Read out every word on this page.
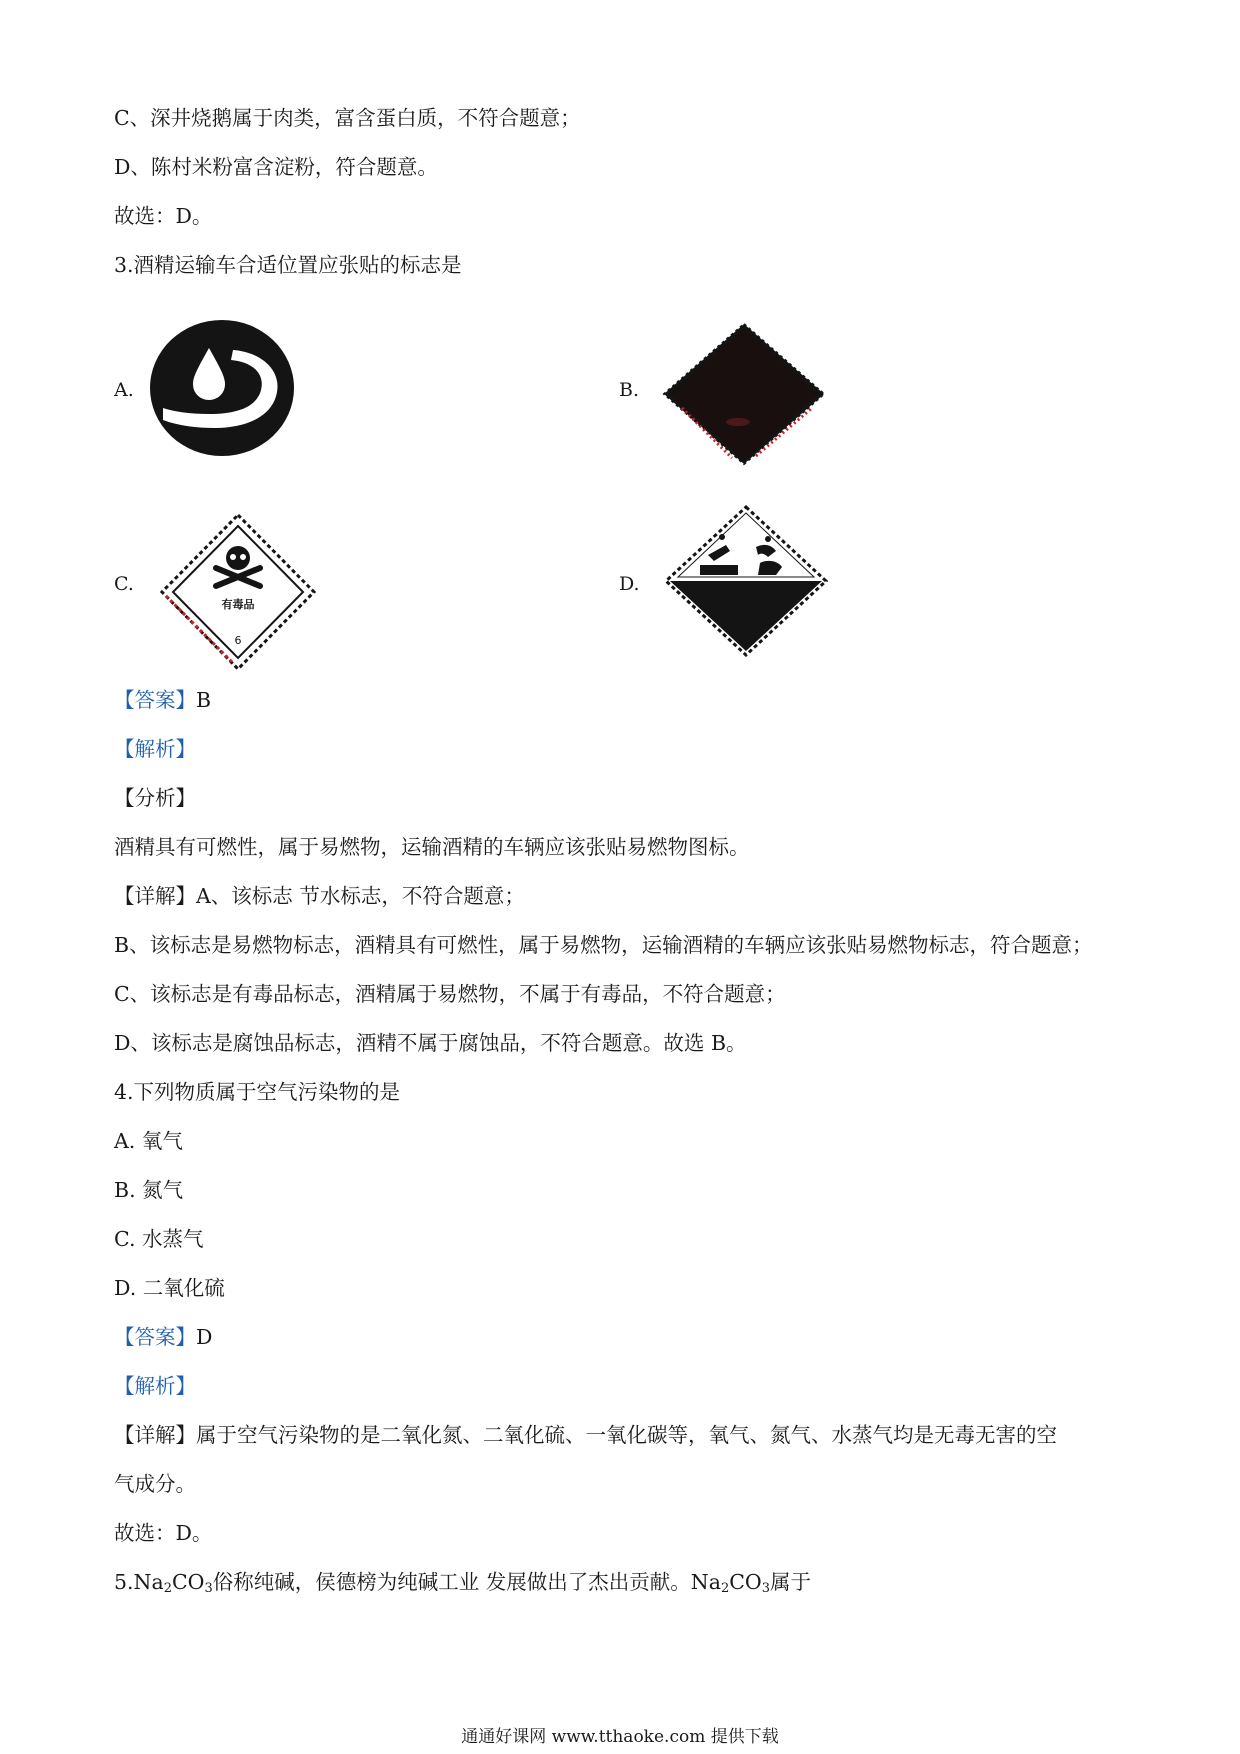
C、深井烧鹅属于肉类，富含蛋白质，不符合题意；
D、陈村米粉富含淀粉，符合题意。
故选：D。
3.酒精运输车合适位置应张贴的标志是
A.	B.
C.	D.
有毒品
6
【答案】B
【解析】
【分析】
酒精具有可燃性，属于易燃物，运输酒精的车辆应该张贴易燃物图标。
【详解】A、该标志 节水标志，不符合题意；
B、该标志是易燃物标志，酒精具有可燃性，属于易燃物，运输酒精的车辆应该张贴易燃物标志，符合题意；
C、该标志是有毒品标志，酒精属于易燃物，不属于有毒品，不符合题意；
D、该标志是腐蚀品标志，酒精不属于腐蚀品，不符合题意。故选 B。
4.下列物质属于空气污染物的是
A. 氧气
B. 氮气
C. 水蒸气
D. 二氧化硫
【答案】D
【解析】
【详解】属于空气污染物的是二氧化氮、二氧化硫、一氧化碳等，氧气、氮气、水蒸气均是无毒无害的空
气成分。
故选：D。
$5.Na_2CO_3$俗称纯碱，侯德榜为纯碱工业 发展做出了杰出贡献。$Na_2CO_3$属于
通通好课网 www.tthaoke.com 提供下载
